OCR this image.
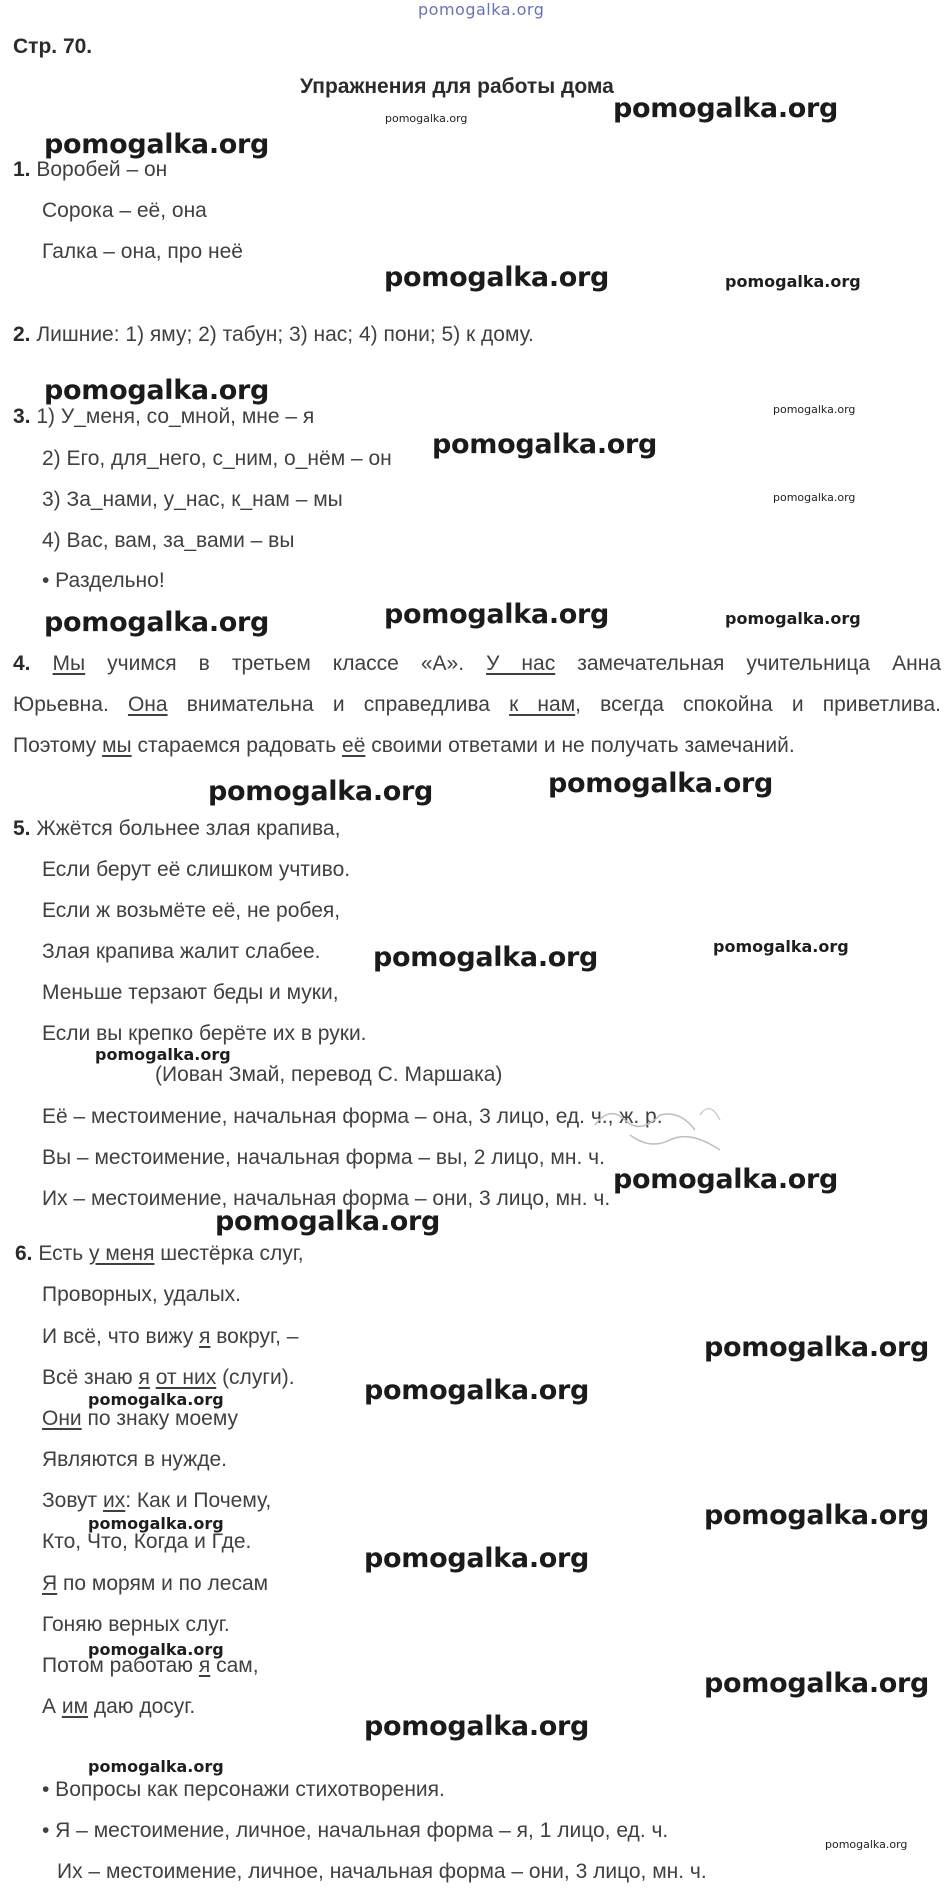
pomogalka.org
Стр. 70.
Упражнения для работы дома
pomogalka.org	pomogalka.org
pomogalka.org
pomogalka.org	pomogalka.org
pomogalka.org
pomogalka.org
pomogalka.org
pomogalka.org
pomogalka.org	pomogalka.org
pomogalka.org
pomogalka.org	pomogalka.org
pomogalka.org	pomogalka.org
pomogalka.org
pomogalka.org
pomogalka.org
pomogalka.org
pomogalka.org
pomogalka.org
pomogalka.org	pomogalka.org
pomogalka.org
pomogalka.org
pomogalka.org
pomogalka.org
pomogalka.org
pomogalka.org
1. Воробей – он
Сорока – её, она
Галка – она, про неё
2. Лишние: 1) яму; 2) табун; 3) нас; 4) пони; 5) к дому.
3. 1) У_меня, со_мной, мне – я
2) Его, для_него, с_ним, о_нём – он
3) За_нами, у_нас, к_нам – мы
4) Вас, вам, за_вами – вы
• Раздельно!
4. Мы учимся в третьем классе «А». У нас замечательная учительница Анна
Юрьевна. Она внимательна и справедлива к нам, всегда спокойна и приветлива.
Поэтому мы стараемся радовать её своими ответами и не получать замечаний.
5. Жжётся больнее злая крапива,
Если берут её слишком учтиво.
Если ж возьмёте её, не робея,
Злая крапива жалит слабее.
Меньше терзают беды и муки,
Если вы крепко берёте их в руки.
(Иован Змай, перевод С. Маршака)
Её – местоимение, начальная форма – она, 3 лицо, ед. ч., ж. р.
Вы – местоимение, начальная форма – вы, 2 лицо, мн. ч.
Их – местоимение, начальная форма – они, 3 лицо, мн. ч.
6. Есть у меня шестёрка слуг,
Проворных, удалых.
И всё, что вижу я вокруг, –
Всё знаю я от них (слуги).
Они по знаку моему
Являются в нужде.
Зовут их: Как и Почему,
Кто, Что, Когда и Где.
Я по морям и по лесам
Гоняю верных слуг.
Потом работаю я сам,
А им даю досуг.
• Вопросы как персонажи стихотворения.
• Я – местоимение, личное, начальная форма – я, 1 лицо, ед. ч.
Их – местоимение, личное, начальная форма – они, 3 лицо, мн. ч.
